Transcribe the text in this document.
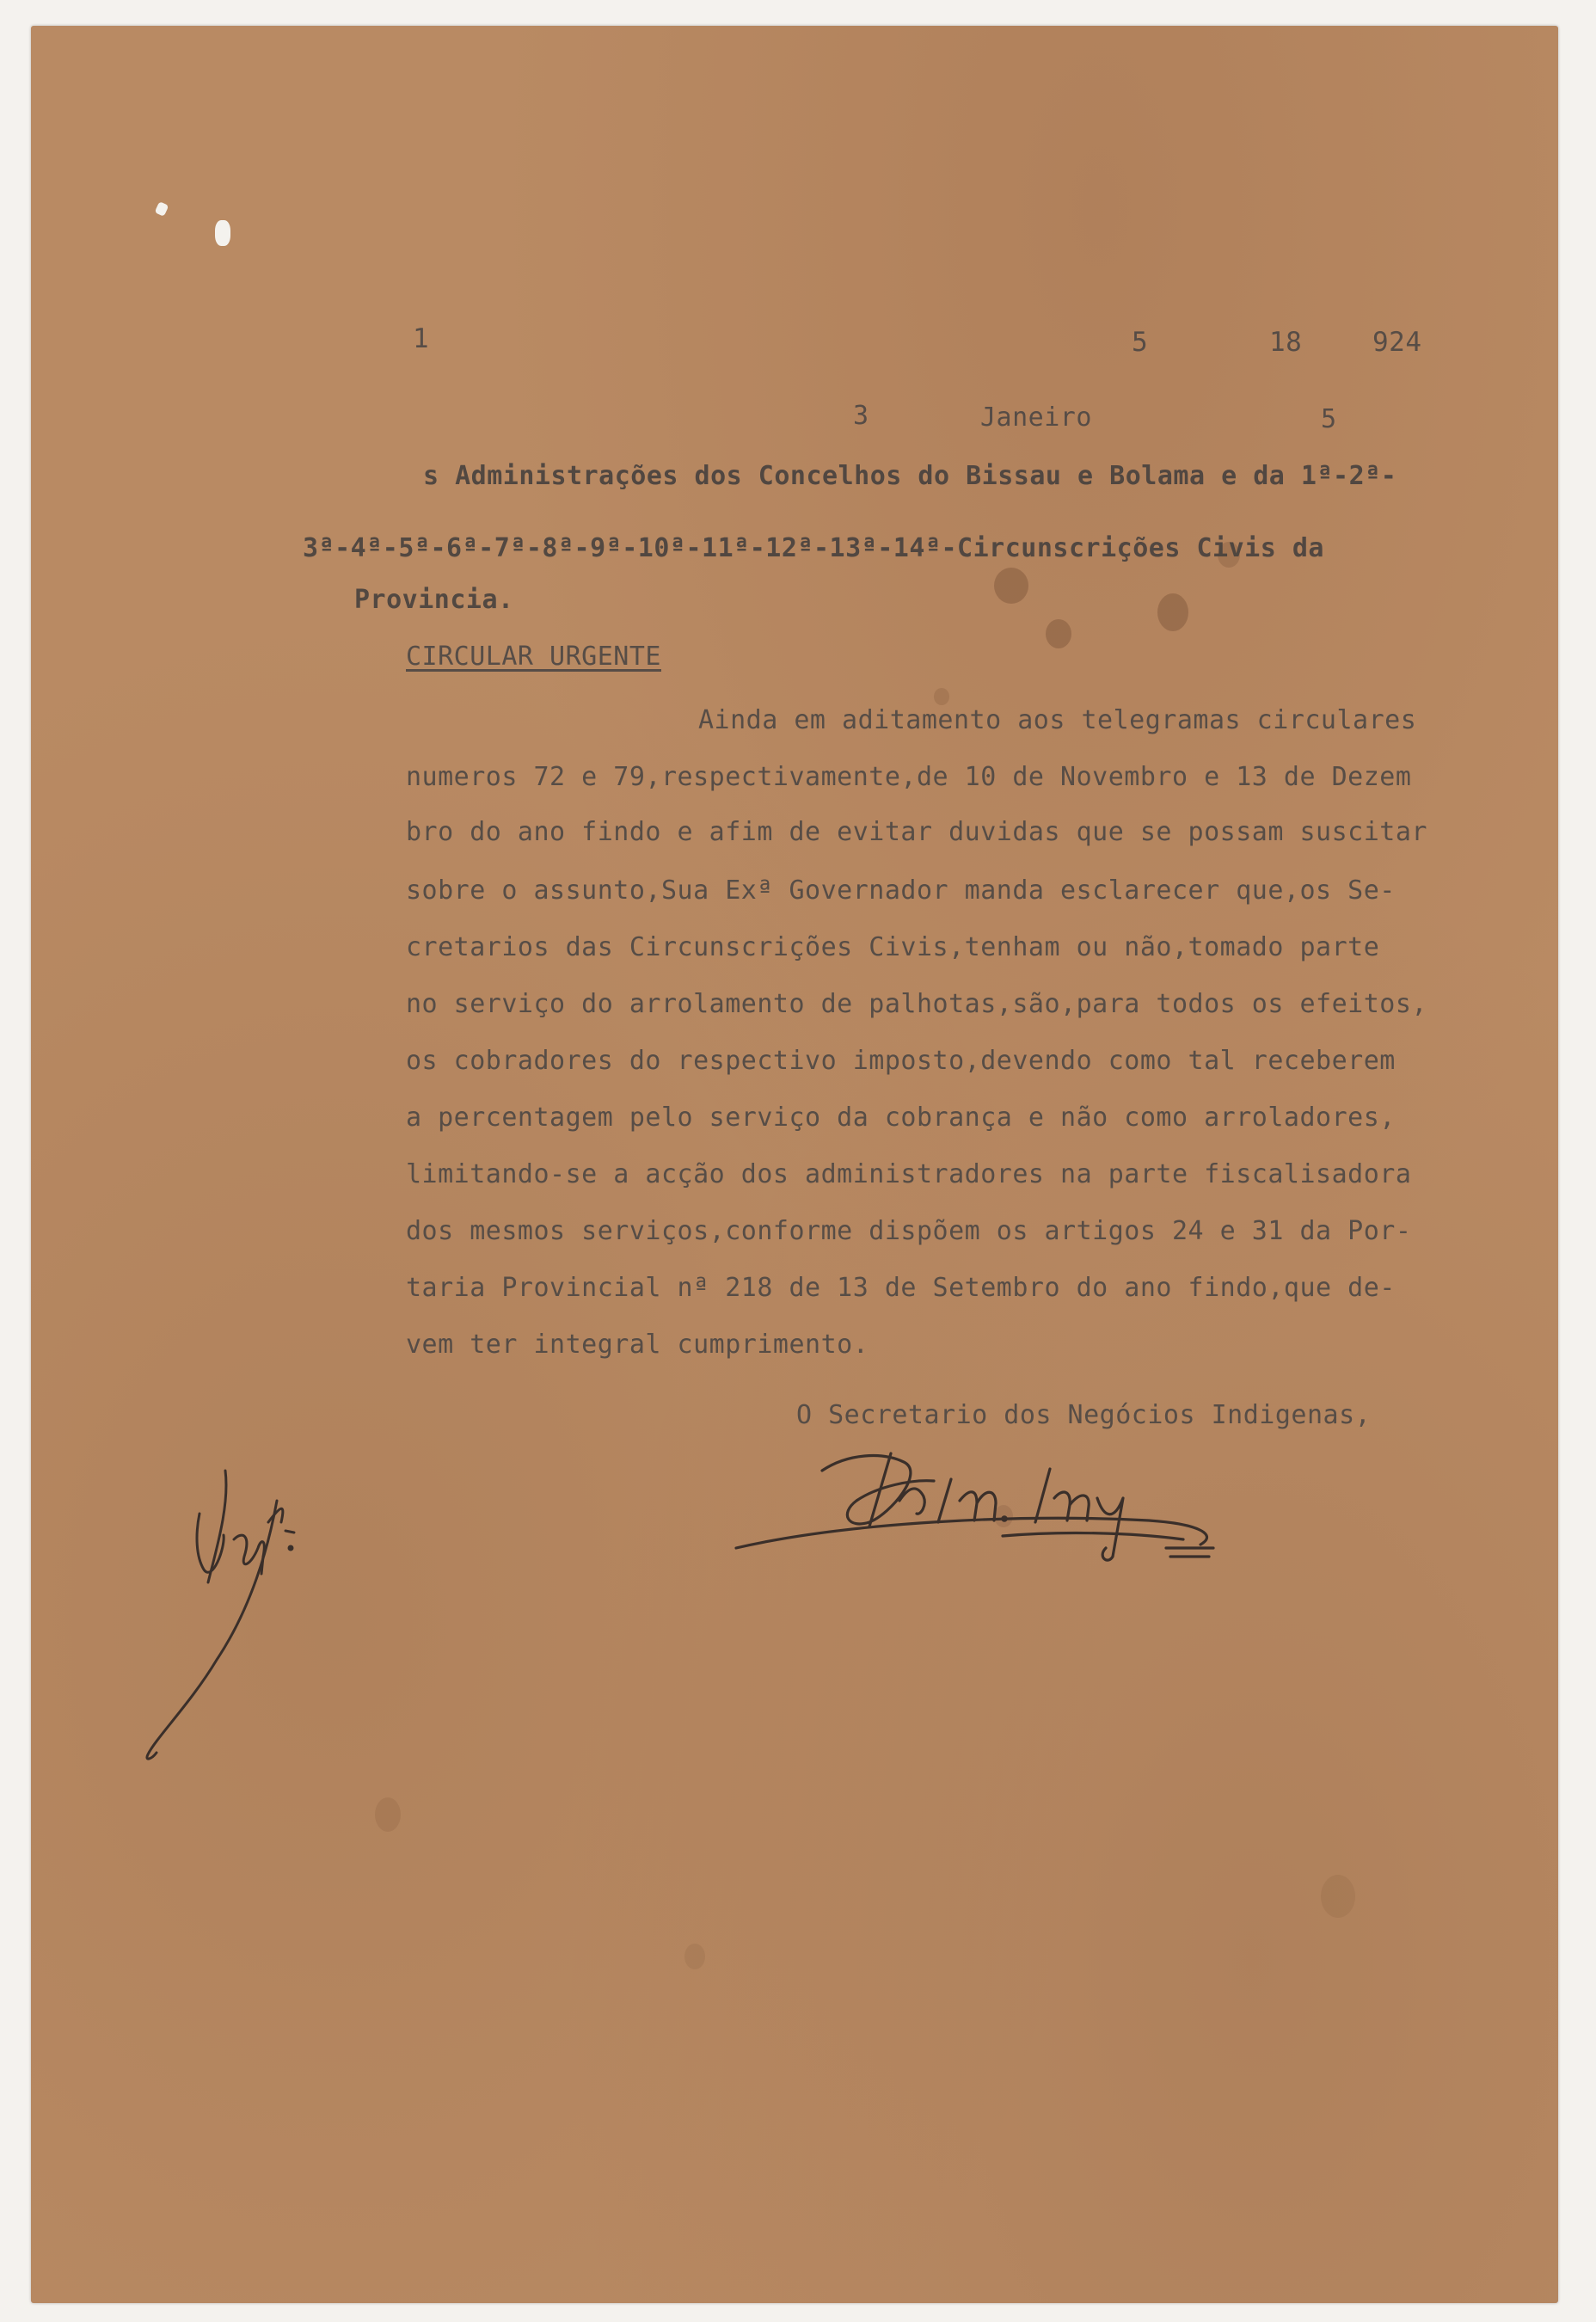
1	5	18	924
3	Janeiro	5
s Administrações dos Concelhos do Bissau e Bolama e da 1ª-2ª-
3ª-4ª-5ª-6ª-7ª-8ª-9ª-10ª-11ª-12ª-13ª-14ª-Circunscrições Civis da
Provincia.
CIRCULAR URGENTE
Ainda em aditamento aos telegramas circulares
numeros 72 e 79,respectivamente,de 10 de Novembro e 13 de Dezem
bro do ano findo e afim de evitar duvidas que se possam suscitar
sobre o assunto,Sua Exª Governador manda esclarecer que,os Se-
cretarios das Circunscrições Civis,tenham ou não,tomado parte
no serviço do arrolamento de palhotas,são,para todos os efeitos,
os cobradores do respectivo imposto,devendo como tal receberem
a percentagem pelo serviço da cobrança e não como arroladores,
limitando-se a acção dos administradores na parte fiscalisadora
dos mesmos serviços,conforme dispõem os artigos 24 e 31 da Por-
taria Provincial nª 218 de 13 de Setembro do ano findo,que de-
vem ter integral cumprimento.
O Secretario dos Negócios Indigenas,
